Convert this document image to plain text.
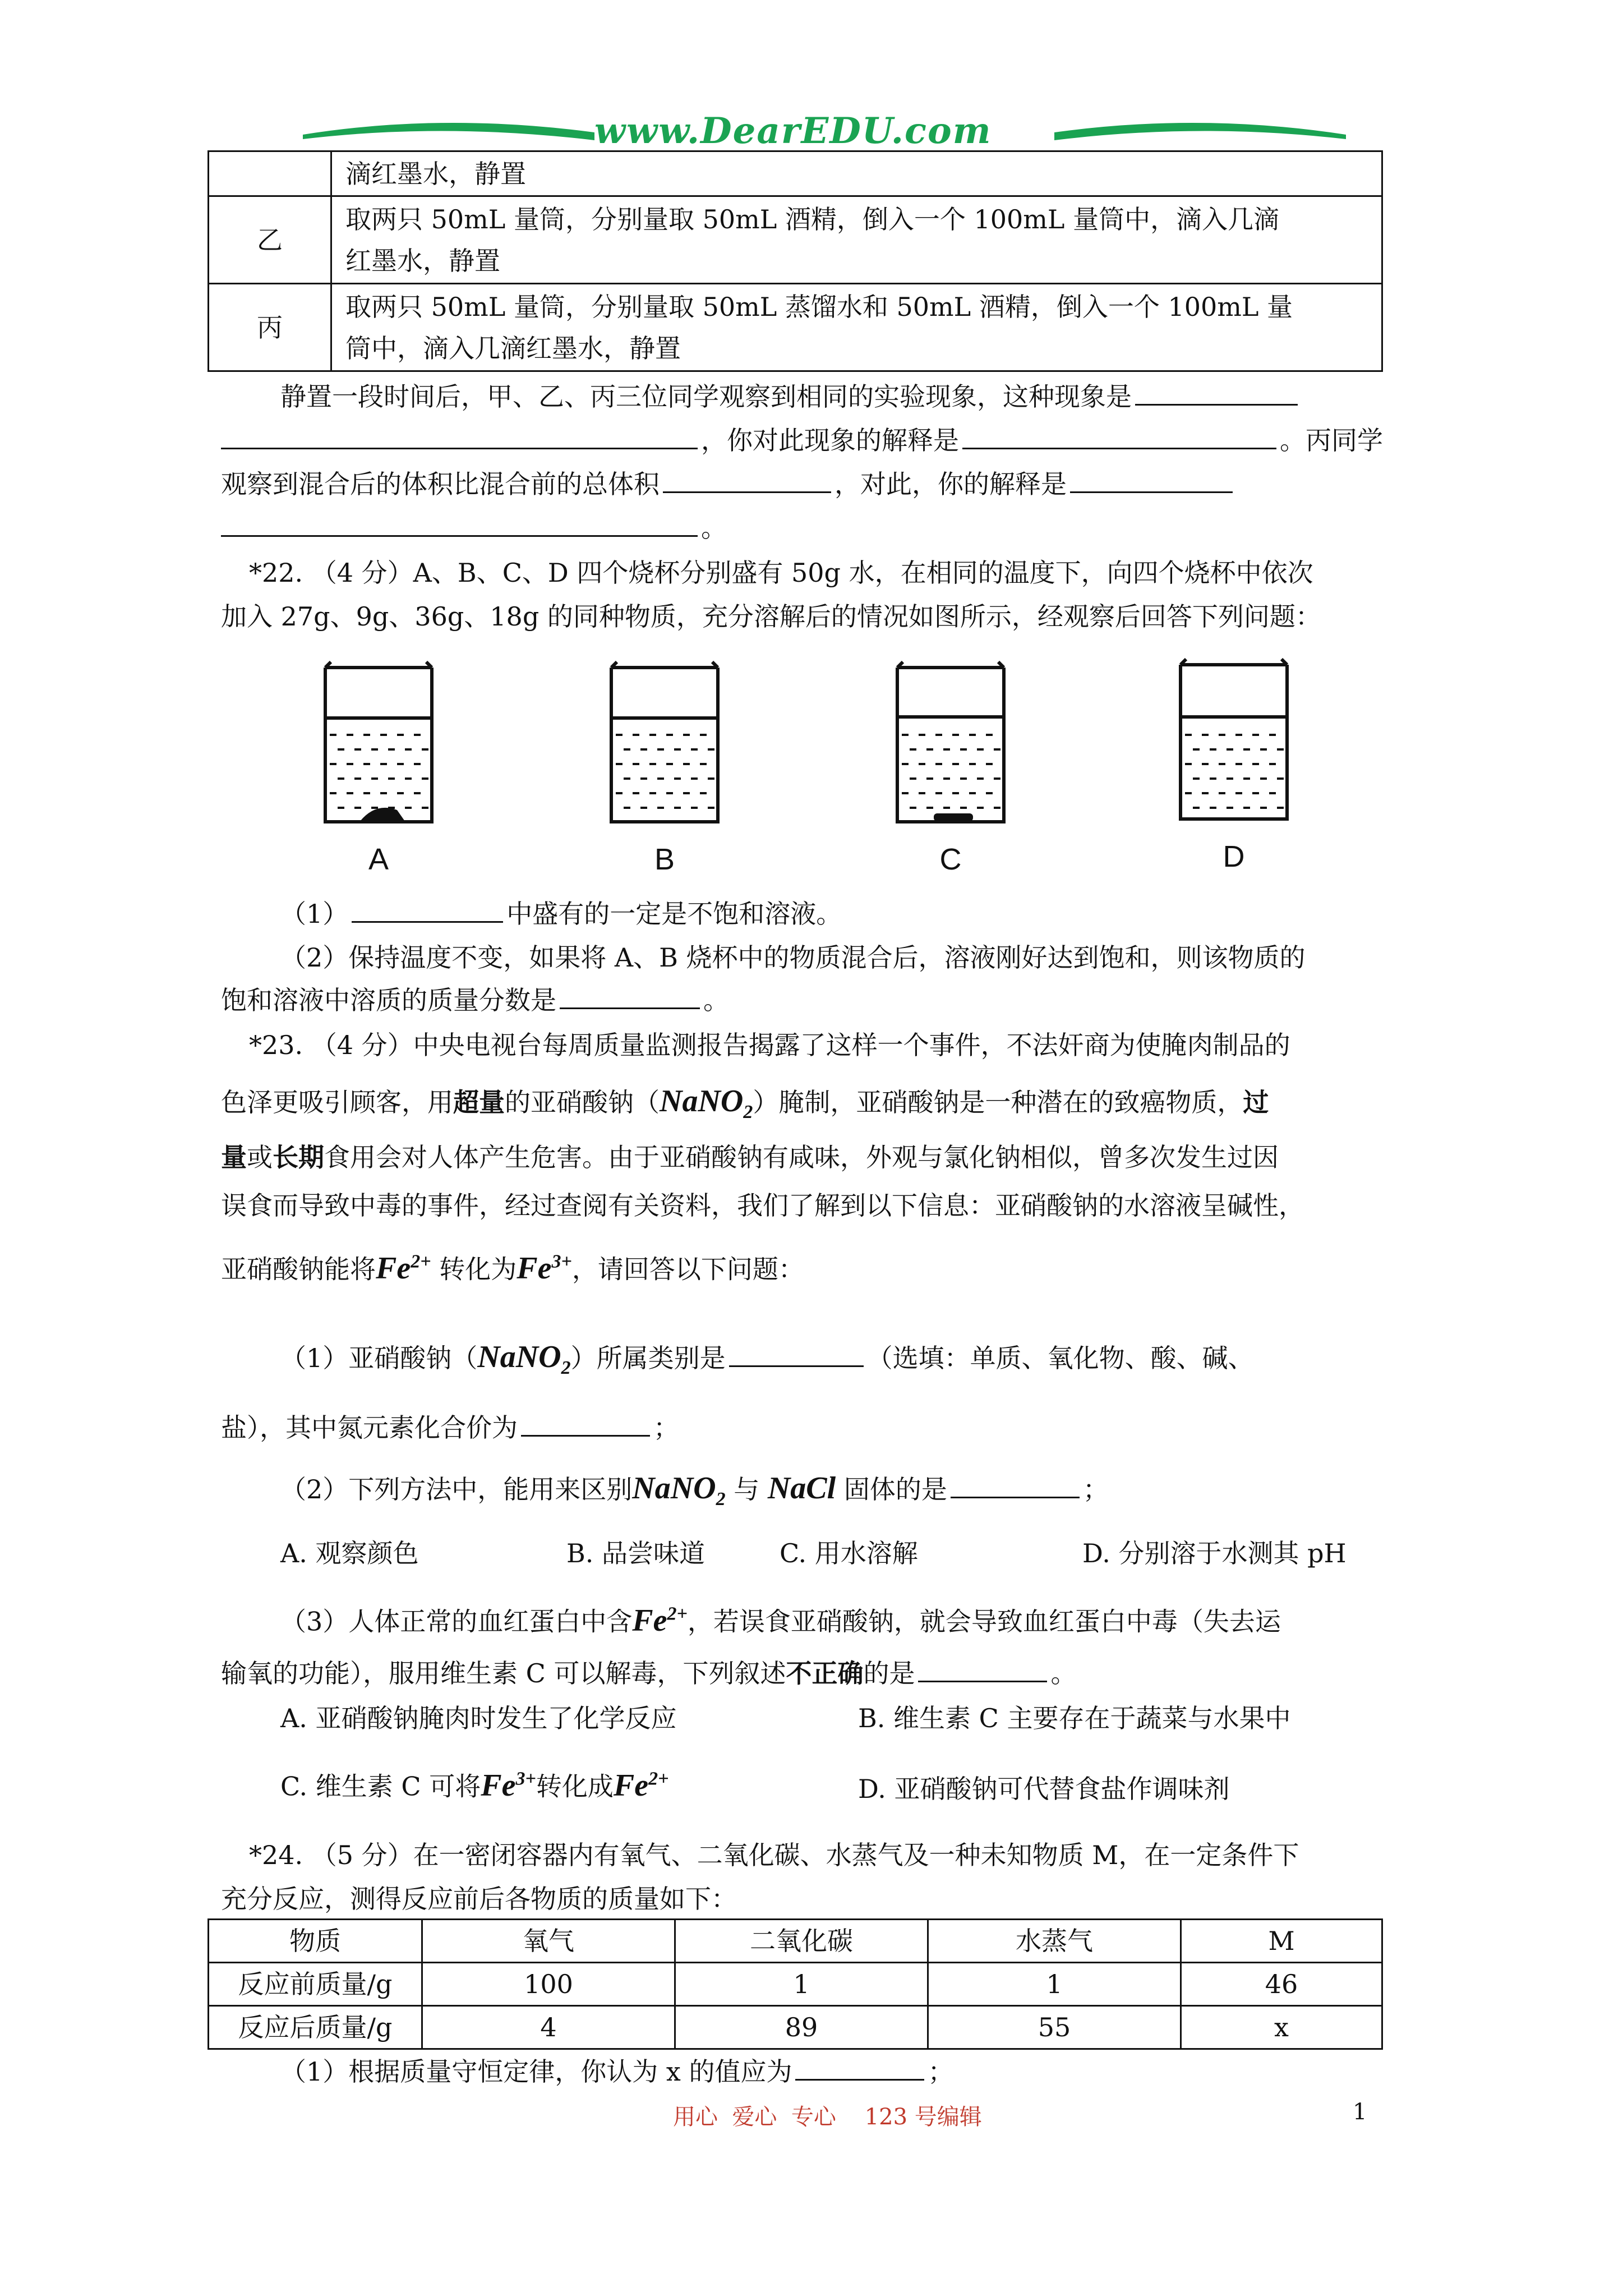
www.DearEDU.com
	滴红墨水，静置
乙	取两只 50mL 量筒，分别量取 50mL 酒精，倒入一个 100mL 量筒中，滴入几滴
红墨水，静置

丙	取两只 50mL 量筒，分别量取 50mL 蒸馏水和 50mL 酒精，倒入一个 100mL 量
筒中，滴入几滴红墨水，静置
静置一段时间后，甲、乙、丙三位同学观察到相同的实验现象，这种现象是
，你对此现象的解释是	。丙同学
观察到混合后的体积比混合前的总体积	，对此，你的解释是
。
*22. （4 分）A、B、C、D 四个烧杯分别盛有 50g 水，在相同的温度下，向四个烧杯中依次
加入 27g、9g、36g、18g 的同种物质，充分溶解后的情况如图所示，经观察后回答下列问题：
A	B	C	D
（1）	中盛有的一定是不饱和溶液。
（2）保持温度不变，如果将 A、B 烧杯中的物质混合后，溶液刚好达到饱和，则该物质的
饱和溶液中溶质的质量分数是	。
*23. （4 分）中央电视台每周质量监测报告揭露了这样一个事件，不法奸商为使腌肉制品的
色泽更吸引顾客，用超量的亚硝酸钠（NaNO$_2$）腌制，亚硝酸钠是一种潜在的致癌物质，过
量或长期食用会对人体产生危害。由于亚硝酸钠有咸味，外观与氯化钠相似，曾多次发生过因
误食而导致中毒的事件，经过查阅有关资料，我们了解到以下信息：亚硝酸钠的水溶液呈碱性，
亚硝酸钠能将$Fe^{2+}$ 转化为$Fe^{3+}$，请回答以下问题：
（1）亚硝酸钠（NaNO$_2$）所属类别是	（选填：单质、氧化物、酸、碱、
盐），其中氮元素化合价为	；
（2）下列方法中，能用来区别NaNO$_2$ 与 NaCl 固体的是	；
A. 观察颜色	B. 品尝味道	C. 用水溶解	D. 分别溶于水测其 pH
（3）人体正常的血红蛋白中含$Fe^{2+}$，若误食亚硝酸钠，就会导致血红蛋白中毒（失去运
输氧的功能），服用维生素 C 可以解毒，下列叙述不正确的是	。
A. 亚硝酸钠腌肉时发生了化学反应	B. 维生素 C 主要存在于蔬菜与水果中
C. 维生素 C 可将$Fe^{3+}$转化成$Fe^{2+}$	D. 亚硝酸钠可代替食盐作调味剂
*24. （5 分）在一密闭容器内有氧气、二氧化碳、水蒸气及一种未知物质 M，在一定条件下
充分反应，测得反应前后各物质的质量如下：
物质	氧气	二氧化碳	水蒸气	M
反应前质量/g	100	1	1	46
反应后质量/g	4	89	55	x
（1）根据质量守恒定律，你认为 x 的值应为	；
用心  爱心  专心    123 号编辑	1
